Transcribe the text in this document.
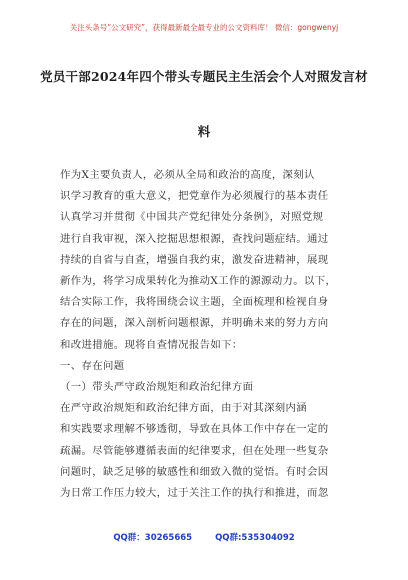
关注头条号“公文研究”，获得最新最全最专业的公文资料库！ 微信：gongwenyj
党员干部2024年四个带头专题民主生活会个人对照发言材
料
作为X主要负责人，必须从全局和政治的高度，深刻认
识学习教育的重大意义，把党章作为必须履行的基本责任
认真学习并贯彻《中国共产党纪律处分条例》，对照党规
进行自我审视，深入挖掘思想根源，查找问题症结。通过
持续的自省与自查，增强自我约束，激发奋进精神，展现
新作为，将学习成果转化为推动X工作的源源动力。以下，
结合实际工作，我将围绕会议主题，全面梳理和检视自身
存在的问题，深入剖析问题根源，并明确未来的努力方向
和改进措施。现将自查情况报告如下：
一、存在问题
（一）带头严守政治规矩和政治纪律方面
在严守政治规矩和政治纪律方面，由于对其深刻内涵
和实践要求理解不够透彻，导致在具体工作中存在一定的
疏漏。尽管能够遵循表面的纪律要求，但在处理一些复杂
问题时，缺乏足够的敏感性和细致入微的觉悟。有时会因
为日常工作压力较大，过于关注工作的执行和推进，而忽
QQ群：30265665	QQ群:535304092
